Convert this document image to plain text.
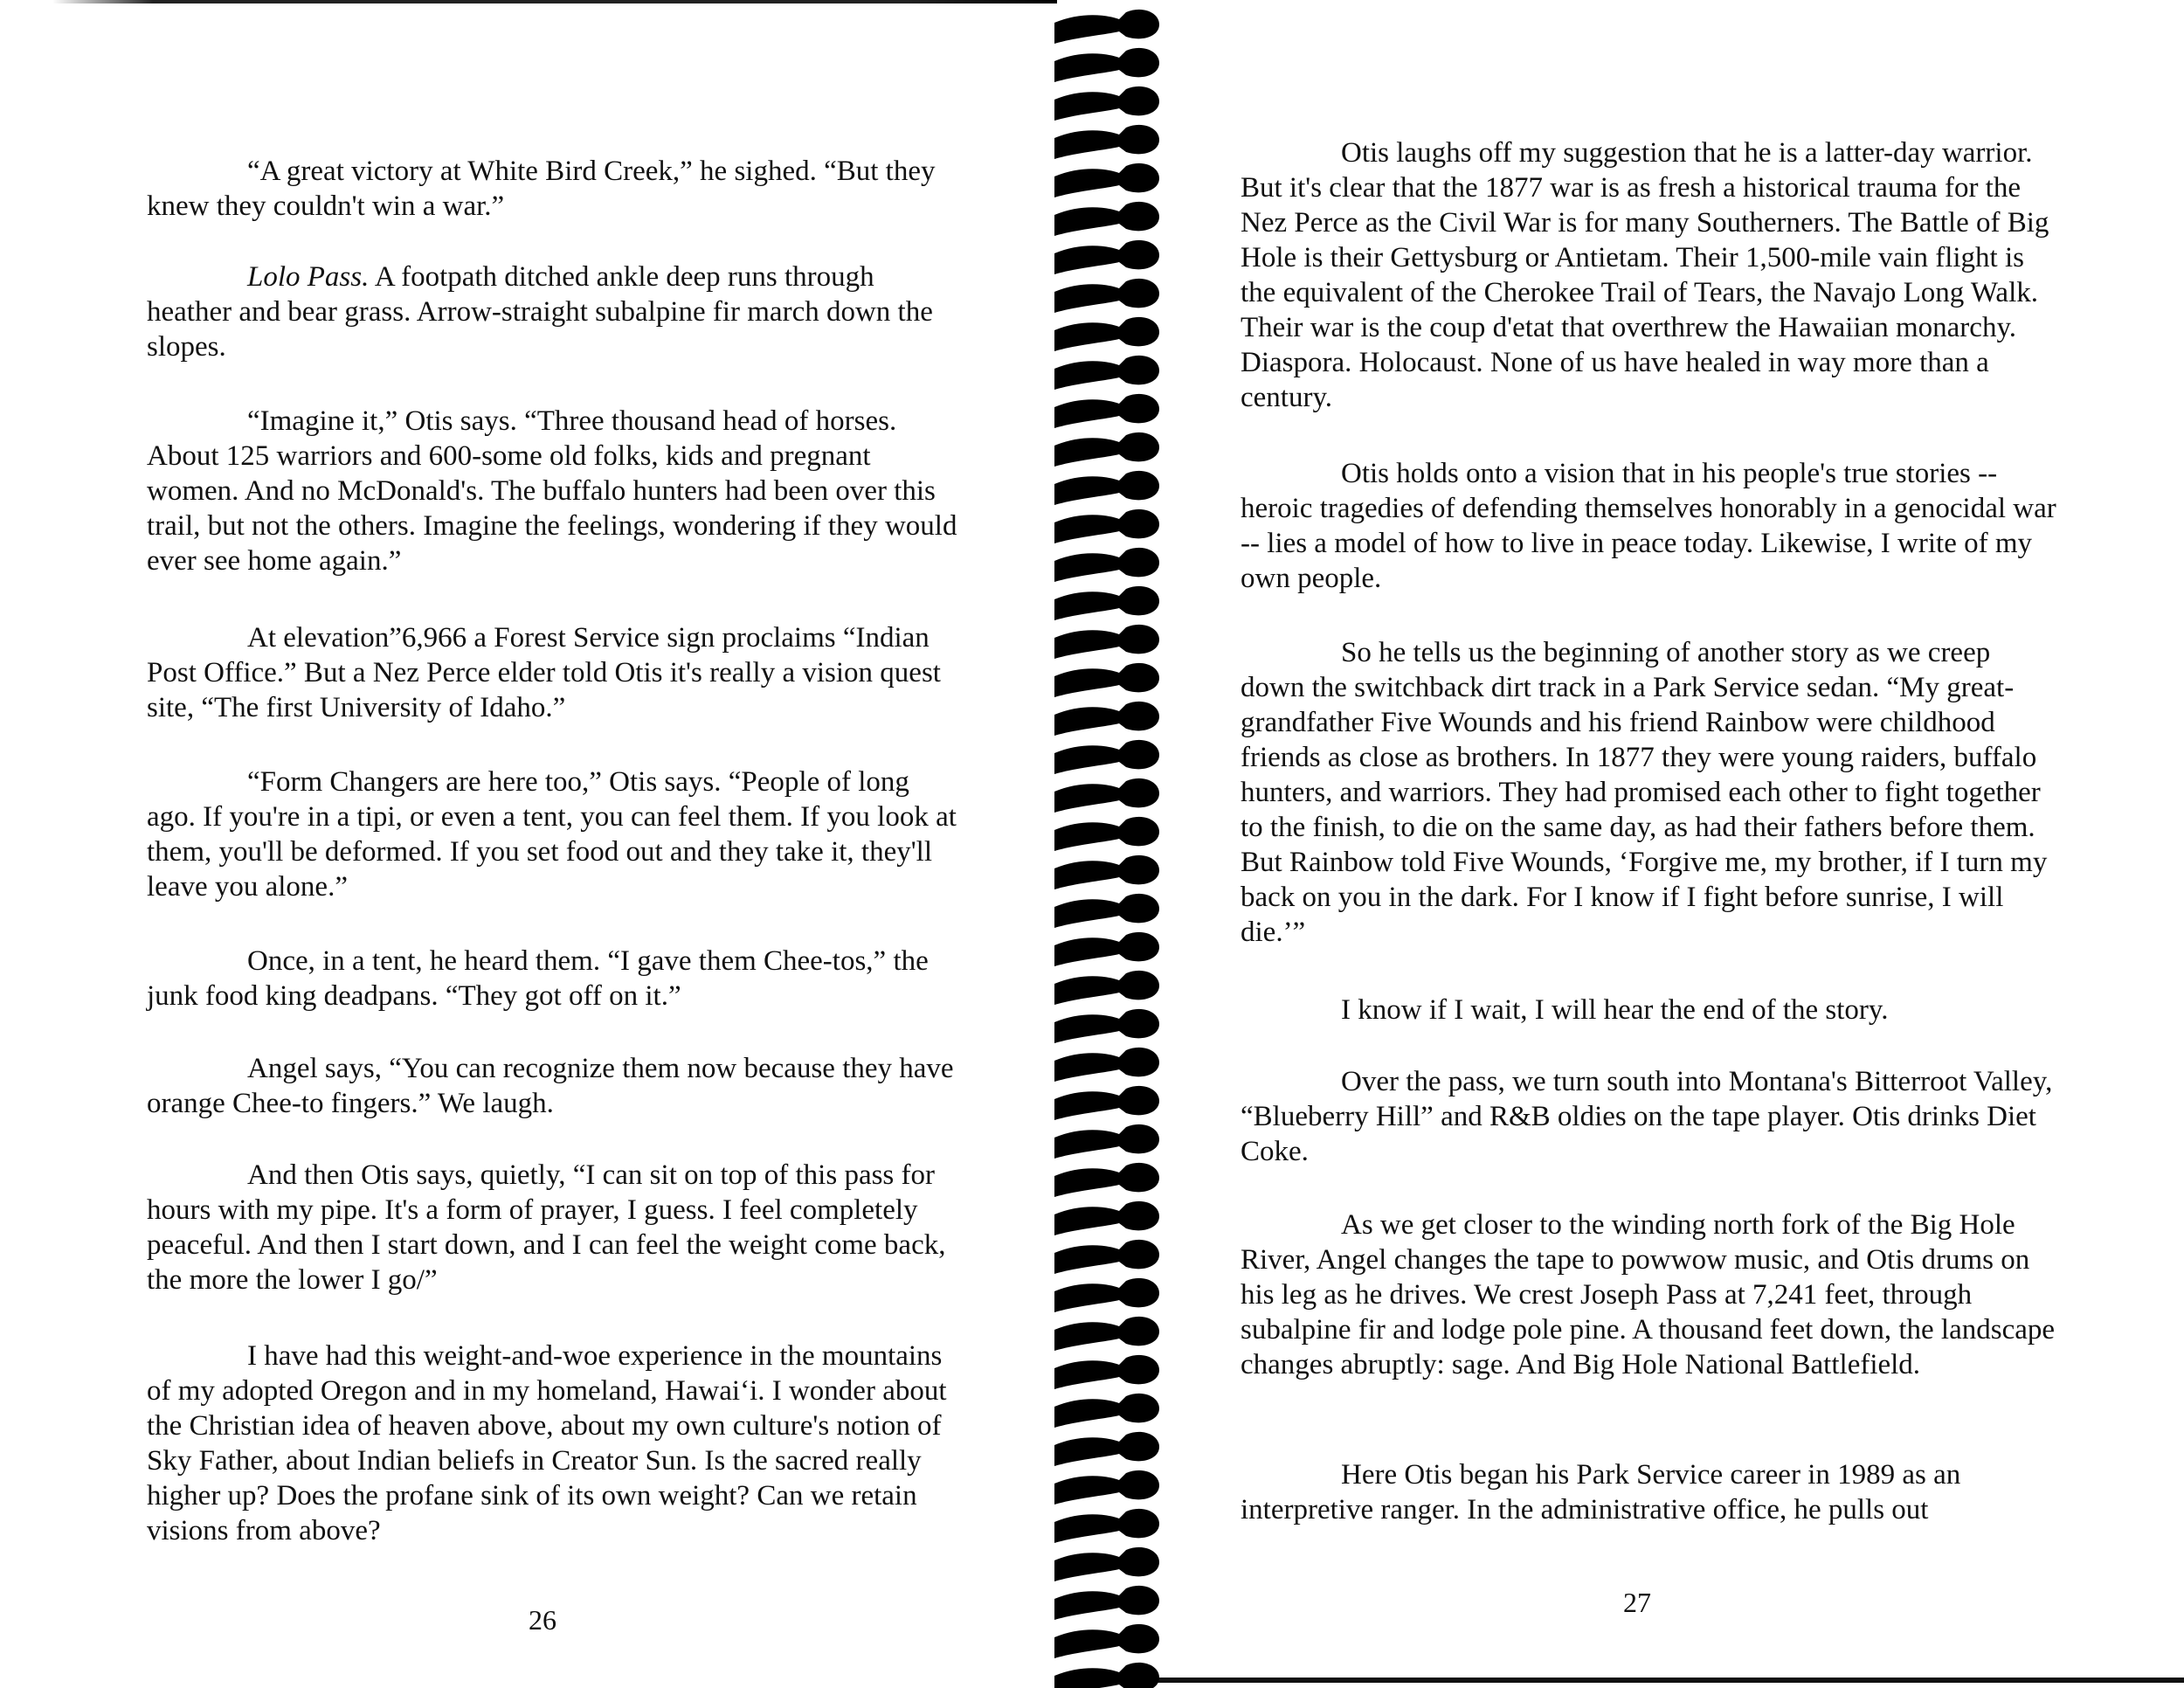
“A great victory at White Bird Creek,” he sighed. “But they knew they couldn't win a war.”

Lolo Pass. A footpath ditched ankle deep runs through heather and bear grass. Arrow-straight subalpine fir march down the slopes.

“Imagine it,” Otis says. “Three thousand head of horses. About 125 warriors and 600-some old folks, kids and pregnant women. And no McDonald's. The buffalo hunters had been over this trail, but not the others. Imagine the feelings, wondering if they would ever see home again.”

At elevation”6,966 a Forest Service sign proclaims “Indian Post Office.” But a Nez Perce elder told Otis it's really a vision quest site, “The first University of Idaho.”

“Form Changers are here too,” Otis says. “People of long ago. If you're in a tipi, or even a tent, you can feel them. If you look at them, you'll be deformed. If you set food out and they take it, they'll leave you alone.”

Once, in a tent, he heard them. “I gave them Chee-tos,” the junk food king deadpans. “They got off on it.”

Angel says, “You can recognize them now because they have orange Chee-to fingers.” We laugh.

And then Otis says, quietly, “I can sit on top of this pass for hours with my pipe. It's a form of prayer, I guess. I feel completely peaceful. And then I start down, and I can feel the weight come back, the more the lower I go/”

I have had this weight-and-woe experience in the mountains of my adopted Oregon and in my homeland, Hawai‘i. I wonder about the Christian idea of heaven above, about my own culture's notion of Sky Father, about Indian beliefs in Creator Sun. Is the sacred really higher up? Does the profane sink of its own weight? Can we retain visions from above?

26

Otis laughs off my suggestion that he is a latter-day warrior. But it's clear that the 1877 war is as fresh a historical trauma for the Nez Perce as the Civil War is for many Southerners. The Battle of Big Hole is their Gettysburg or Antietam. Their 1,500-mile vain flight is the equivalent of the Cherokee Trail of Tears, the Navajo Long Walk. Their war is the coup d'etat that overthrew the Hawaiian monarchy. Diaspora. Holocaust. None of us have healed in way more than a century.

Otis holds onto a vision that in his people's true stories -- heroic tragedies of defending themselves honorably in a genocidal war -- lies a model of how to live in peace today. Likewise, I write of my own people.

So he tells us the beginning of another story as we creep down the switchback dirt track in a Park Service sedan. “My great-grandfather Five Wounds and his friend Rainbow were childhood friends as close as brothers. In 1877 they were young raiders, buffalo hunters, and warriors. They had promised each other to fight together to the finish, to die on the same day, as had their fathers before them. But Rainbow told Five Wounds, ‘Forgive me, my brother, if I turn my back on you in the dark. For I know if I fight before sunrise, I will die.’”

I know if I wait, I will hear the end of the story.

Over the pass, we turn south into Montana's Bitterroot Valley, “Blueberry Hill” and R&B oldies on the tape player. Otis drinks Diet Coke.

As we get closer to the winding north fork of the Big Hole River, Angel changes the tape to powwow music, and Otis drums on his leg as he drives. We crest Joseph Pass at 7,241 feet, through subalpine fir and lodge pole pine. A thousand feet down, the landscape changes abruptly: sage. And Big Hole National Battlefield.

Here Otis began his Park Service career in 1989 as an interpretive ranger. In the administrative office, he pulls out

27
